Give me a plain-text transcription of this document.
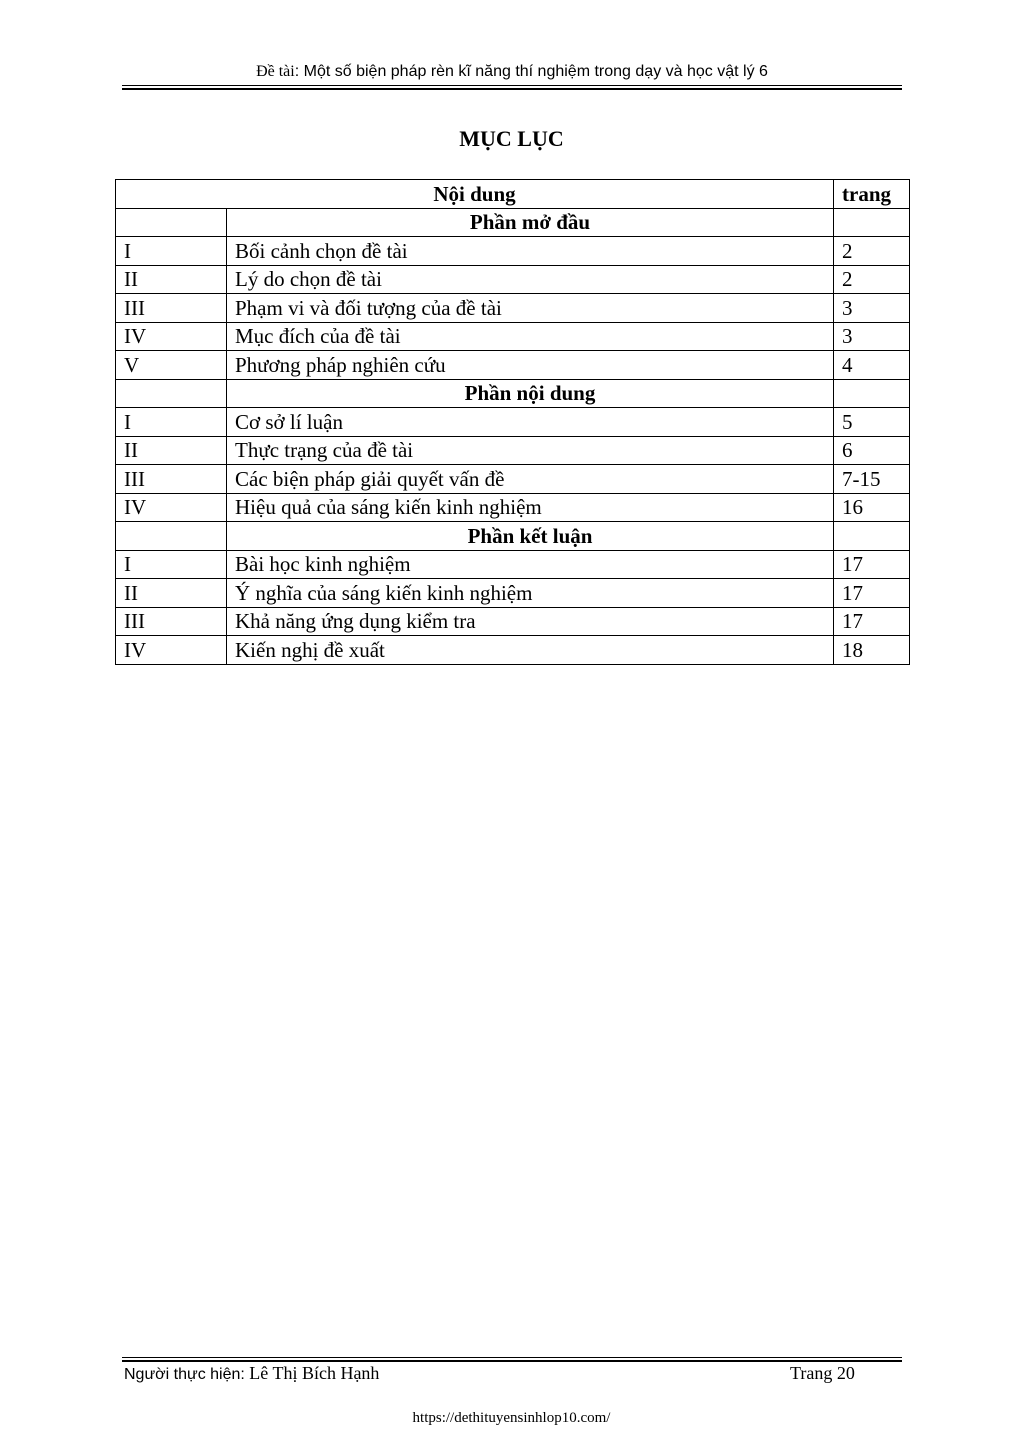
Đề tài: Một số biện pháp rèn kĩ năng thí nghiệm trong dạy và học vật lý 6
MỤC LỤC
Nội dung		trang
	Phần mở đầu	
I	Bối cảnh chọn đề tài	2
II	Lý do chọn đề tài	2
III	Phạm vi và đối tượng của đề tài	3
IV	Mục đích của đề tài	3
V	Phương pháp nghiên cứu	4
	Phần nội dung	
I	Cơ sở lí luận	5
II	Thực trạng của đề tài	6
III	Các biện pháp giải quyết vấn đề	7-15
IV	Hiệu quả của sáng kiến kinh nghiệm	16
	Phần kết luận	
I	Bài học kinh nghiệm	17
II	Ý nghĩa của sáng kiến kinh nghiệm	17
III	Khả năng ứng dụng kiểm tra	17
IV	Kiến nghị đề xuất	18
Người thực hiện: Lê Thị Bích Hạnh	Trang 20
https://dethituyensinhlop10.com/
